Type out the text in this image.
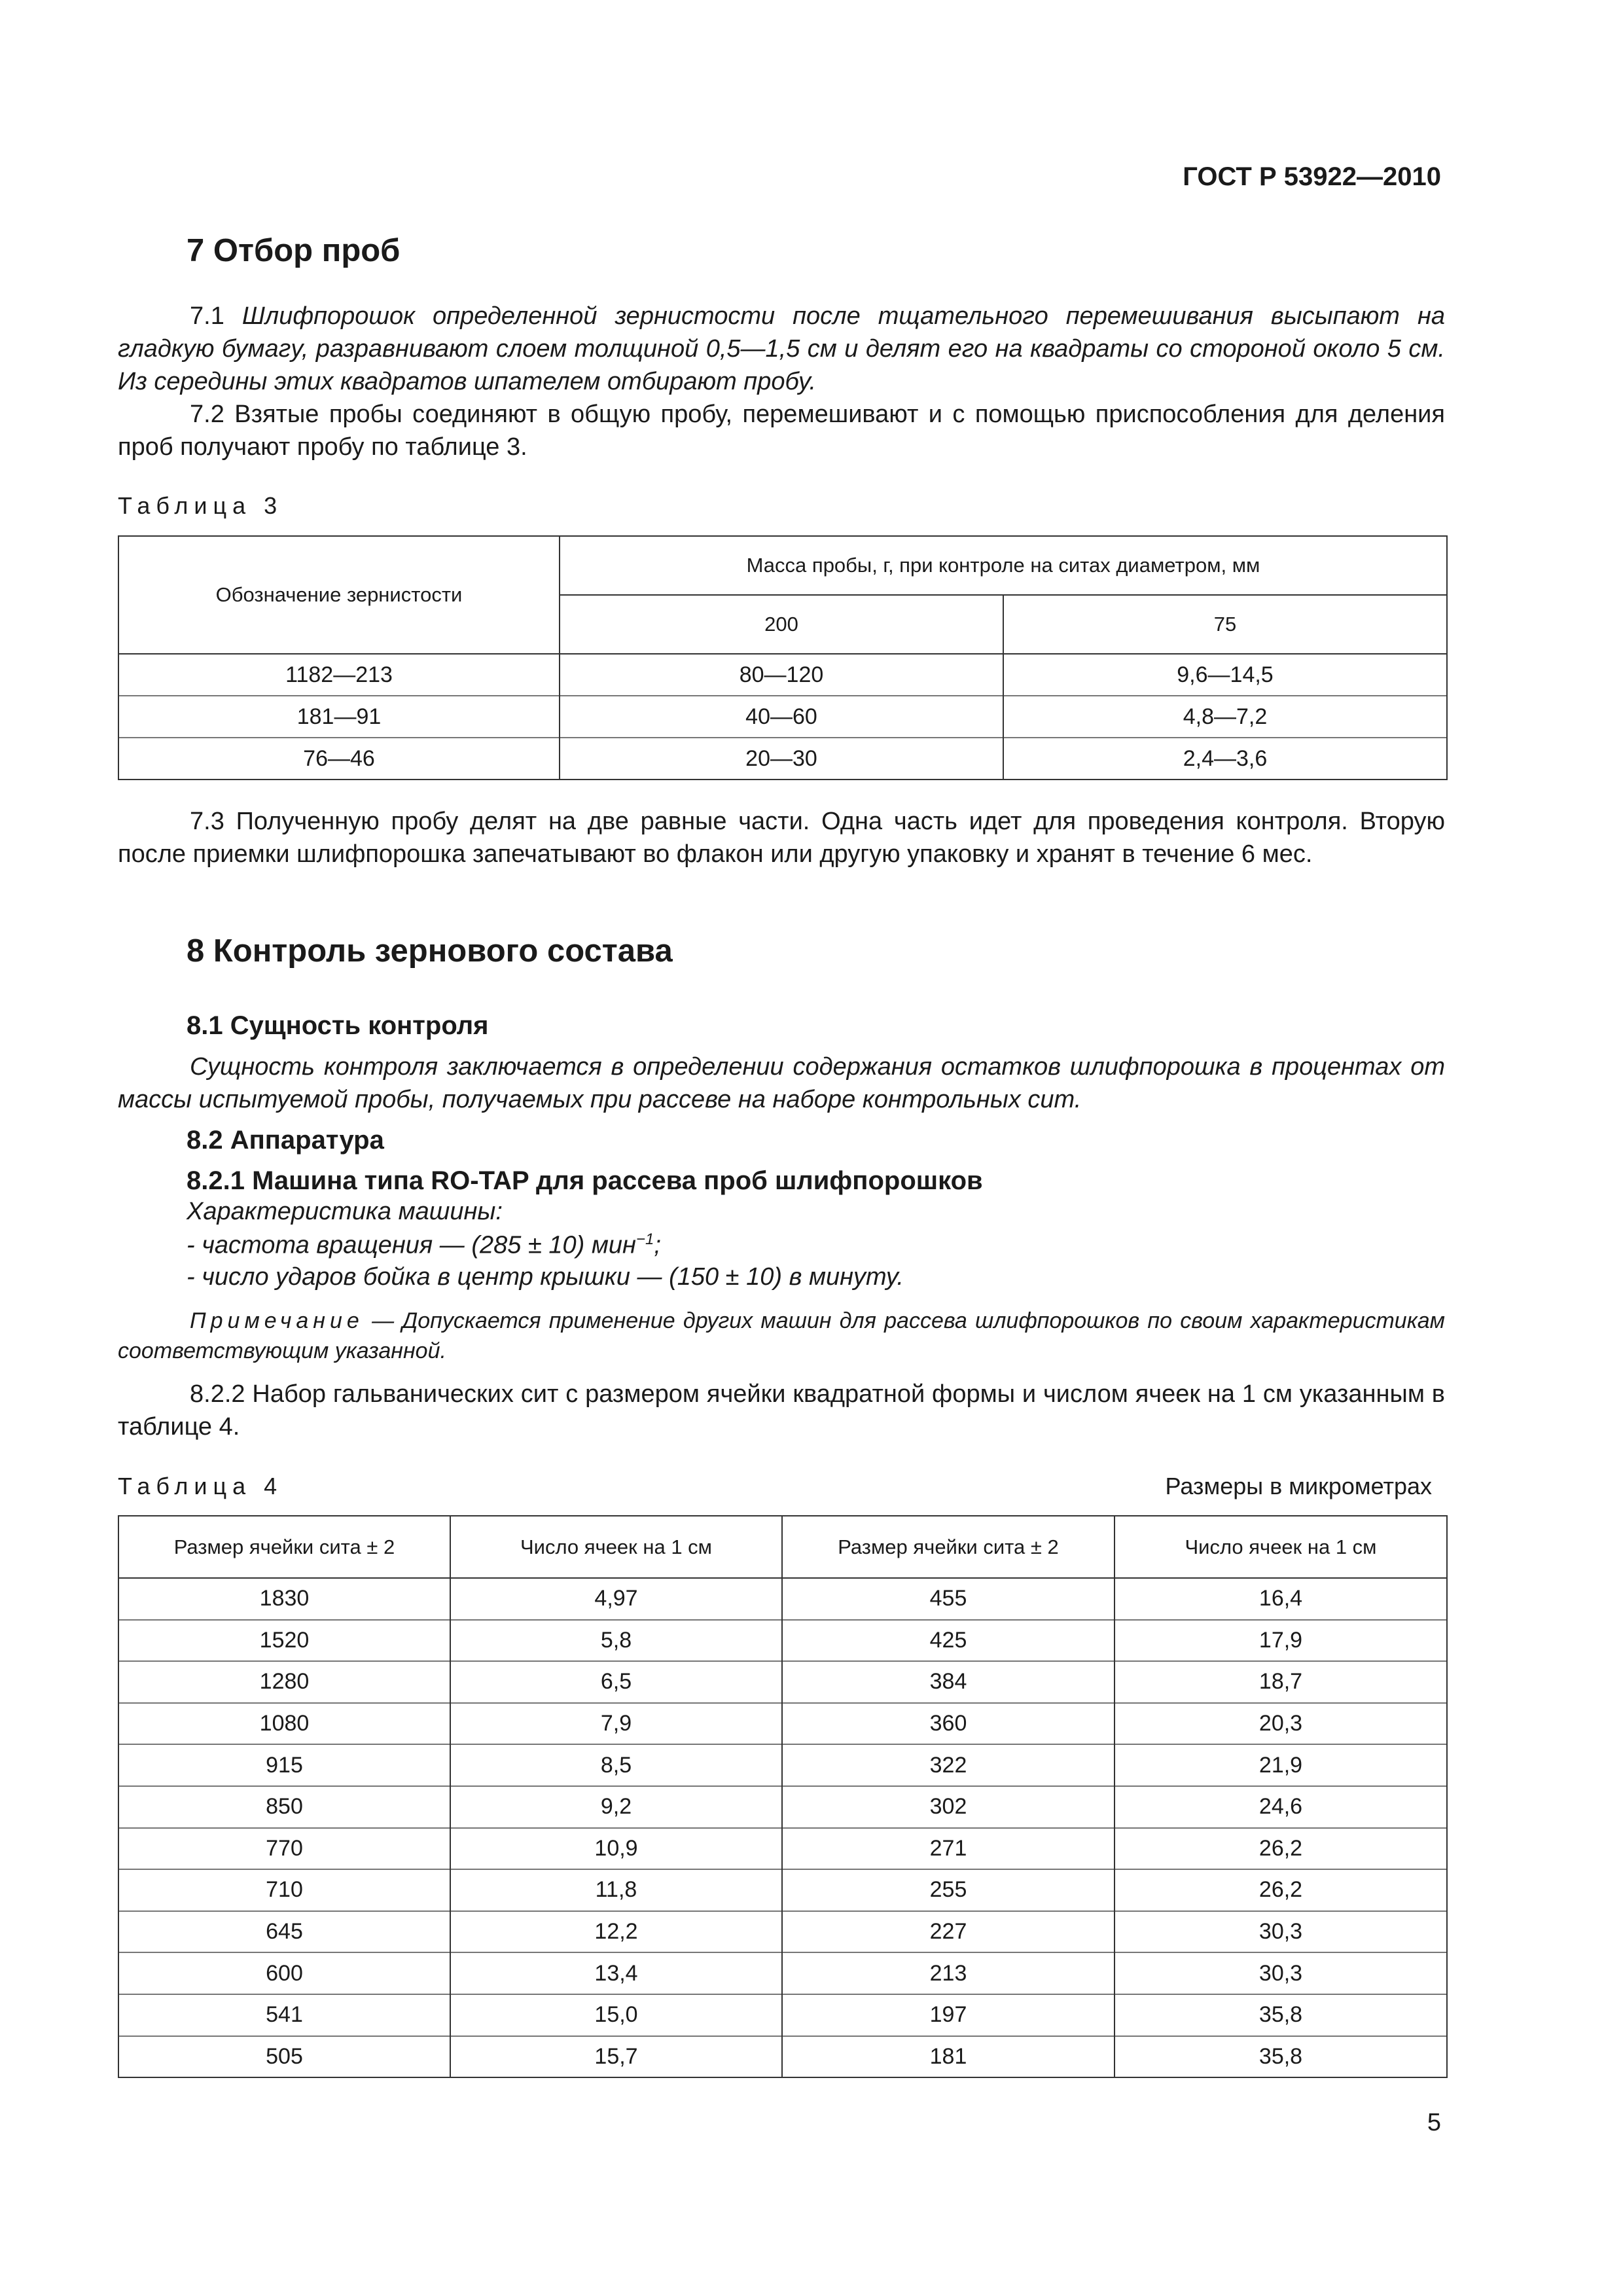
ГОСТ Р 53922—2010
7 Отбор проб

7.1 Шлифпорошок определенной зернистости после тщательного перемешивания высыпают на гладкую бумагу, разравнивают слоем толщиной 0,5—1,5 см и делят его на квадраты со стороной около 5 см. Из середины этих квадратов шпателем отбирают пробу.

7.2 Взятые пробы соединяют в общую пробу, перемешивают и с помощью приспособления для деления проб получают пробу по таблице 3.

Таблица 3
Обозначение зернистости	Масса пробы, г, при контроле на ситах диаметром, мм	
	200	75
1182—213	80—120	9,6—14,5
181—91	40—60	4,8—7,2
76—46	20—30	2,4—3,6

7.3 Полученную пробу делят на две равные части. Одна часть идет для проведения контроля. Вторую после приемки шлифпорошка запечатывают во флакон или другую упаковку и хранят в течение 6 мес.

8 Контроль зернового состава
8.1 Сущность контроля

Сущность контроля заключается в определении содержания остатков шлифпорошка в процентах от массы испытуемой пробы, получаемых при рассеве на наборе контрольных сит.

8.2 Аппаратура
8.2.1 Машина типа RO-TAP для рассева проб шлифпорошков
Характеристика машины:
- частота вращения — (285 ± 10) мин$^{-1}$;
- число ударов бойка в центр крышки — (150 ± 10) в минуту.

Примечание — Допускается применение других машин для рассева шлифпорошков по своим характеристикам соответствующим указанной.

8.2.2 Набор гальванических сит с размером ячейки квадратной формы и числом ячеек на 1 см указанным в таблице 4.

Таблица 4	Размеры в микрометрах
Размер ячейки сита ± 2	Число ячеек на 1 см	Размер ячейки сита ± 2	Число ячеек на 1 см
1830	4,97	455	16,4
1520	5,8	425	17,9
1280	6,5	384	18,7
1080	7,9	360	20,3
915	8,5	322	21,9
850	9,2	302	24,6
770	10,9	271	26,2
710	11,8	255	26,2
645	12,2	227	30,3
600	13,4	213	30,3
541	15,0	197	35,8
505	15,7	181	35,8
5
